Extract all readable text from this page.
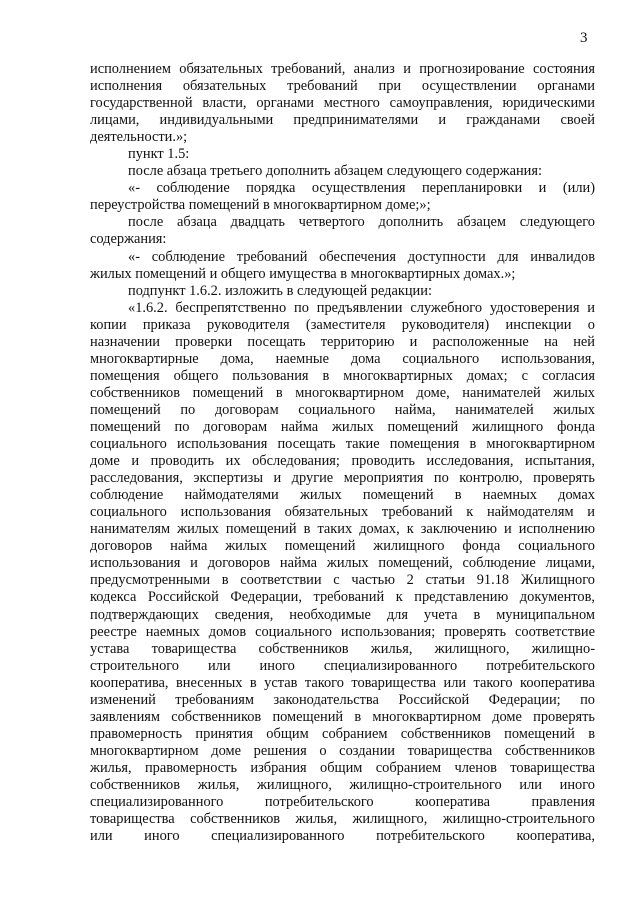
3
исполнением обязательных требований, анализ и прогнозирование состояния
исполнения обязательных требований при осуществлении органами
государственной власти, органами местного самоуправления, юридическими
лицами, индивидуальными предпринимателями и гражданами своей
деятельности.»;
пункт 1.5:
после абзаца третьего дополнить абзацем следующего содержания:
«- соблюдение порядка осуществления перепланировки и (или)
переустройства помещений в многоквартирном доме;»;
после абзаца двадцать четвертого дополнить абзацем следующего
содержания:
«- соблюдение требований обеспечения доступности для инвалидов
жилых помещений и общего имущества в многоквартирных домах.»;
подпункт 1.6.2. изложить в следующей редакции:
«1.6.2. беспрепятственно по предъявлении служебного удостоверения и
копии приказа руководителя (заместителя руководителя) инспекции о
назначении проверки посещать территорию и расположенные на ней
многоквартирные дома, наемные дома социального использования,
помещения общего пользования в многоквартирных домах; с согласия
собственников помещений в многоквартирном доме, нанимателей жилых
помещений по договорам социального найма, нанимателей жилых
помещений по договорам найма жилых помещений жилищного фонда
социального использования посещать такие помещения в многоквартирном
доме и проводить их обследования; проводить исследования, испытания,
расследования, экспертизы и другие мероприятия по контролю, проверять
соблюдение наймодателями жилых помещений в наемных домах
социального использования обязательных требований к наймодателям и
нанимателям жилых помещений в таких домах, к заключению и исполнению
договоров найма жилых помещений жилищного фонда социального
использования и договоров найма жилых помещений, соблюдение лицами,
предусмотренными в соответствии с частью 2 статьи 91.18 Жилищного
кодекса Российской Федерации, требований к представлению документов,
подтверждающих сведения, необходимые для учета в муниципальном
реестре наемных домов социального использования; проверять соответствие
устава товарищества собственников жилья, жилищного, жилищно-
строительного или иного специализированного потребительского
кооператива, внесенных в устав такого товарищества или такого кооператива
изменений требованиям законодательства Российской Федерации; по
заявлениям собственников помещений в многоквартирном доме проверять
правомерность принятия общим собранием собственников помещений в
многоквартирном доме решения о создании товарищества собственников
жилья, правомерность избрания общим собранием членов товарищества
собственников жилья, жилищного, жилищно-строительного или иного
специализированного потребительского кооператива правления
товарищества собственников жилья, жилищного, жилищно-строительного
или иного специализированного потребительского кооператива,
